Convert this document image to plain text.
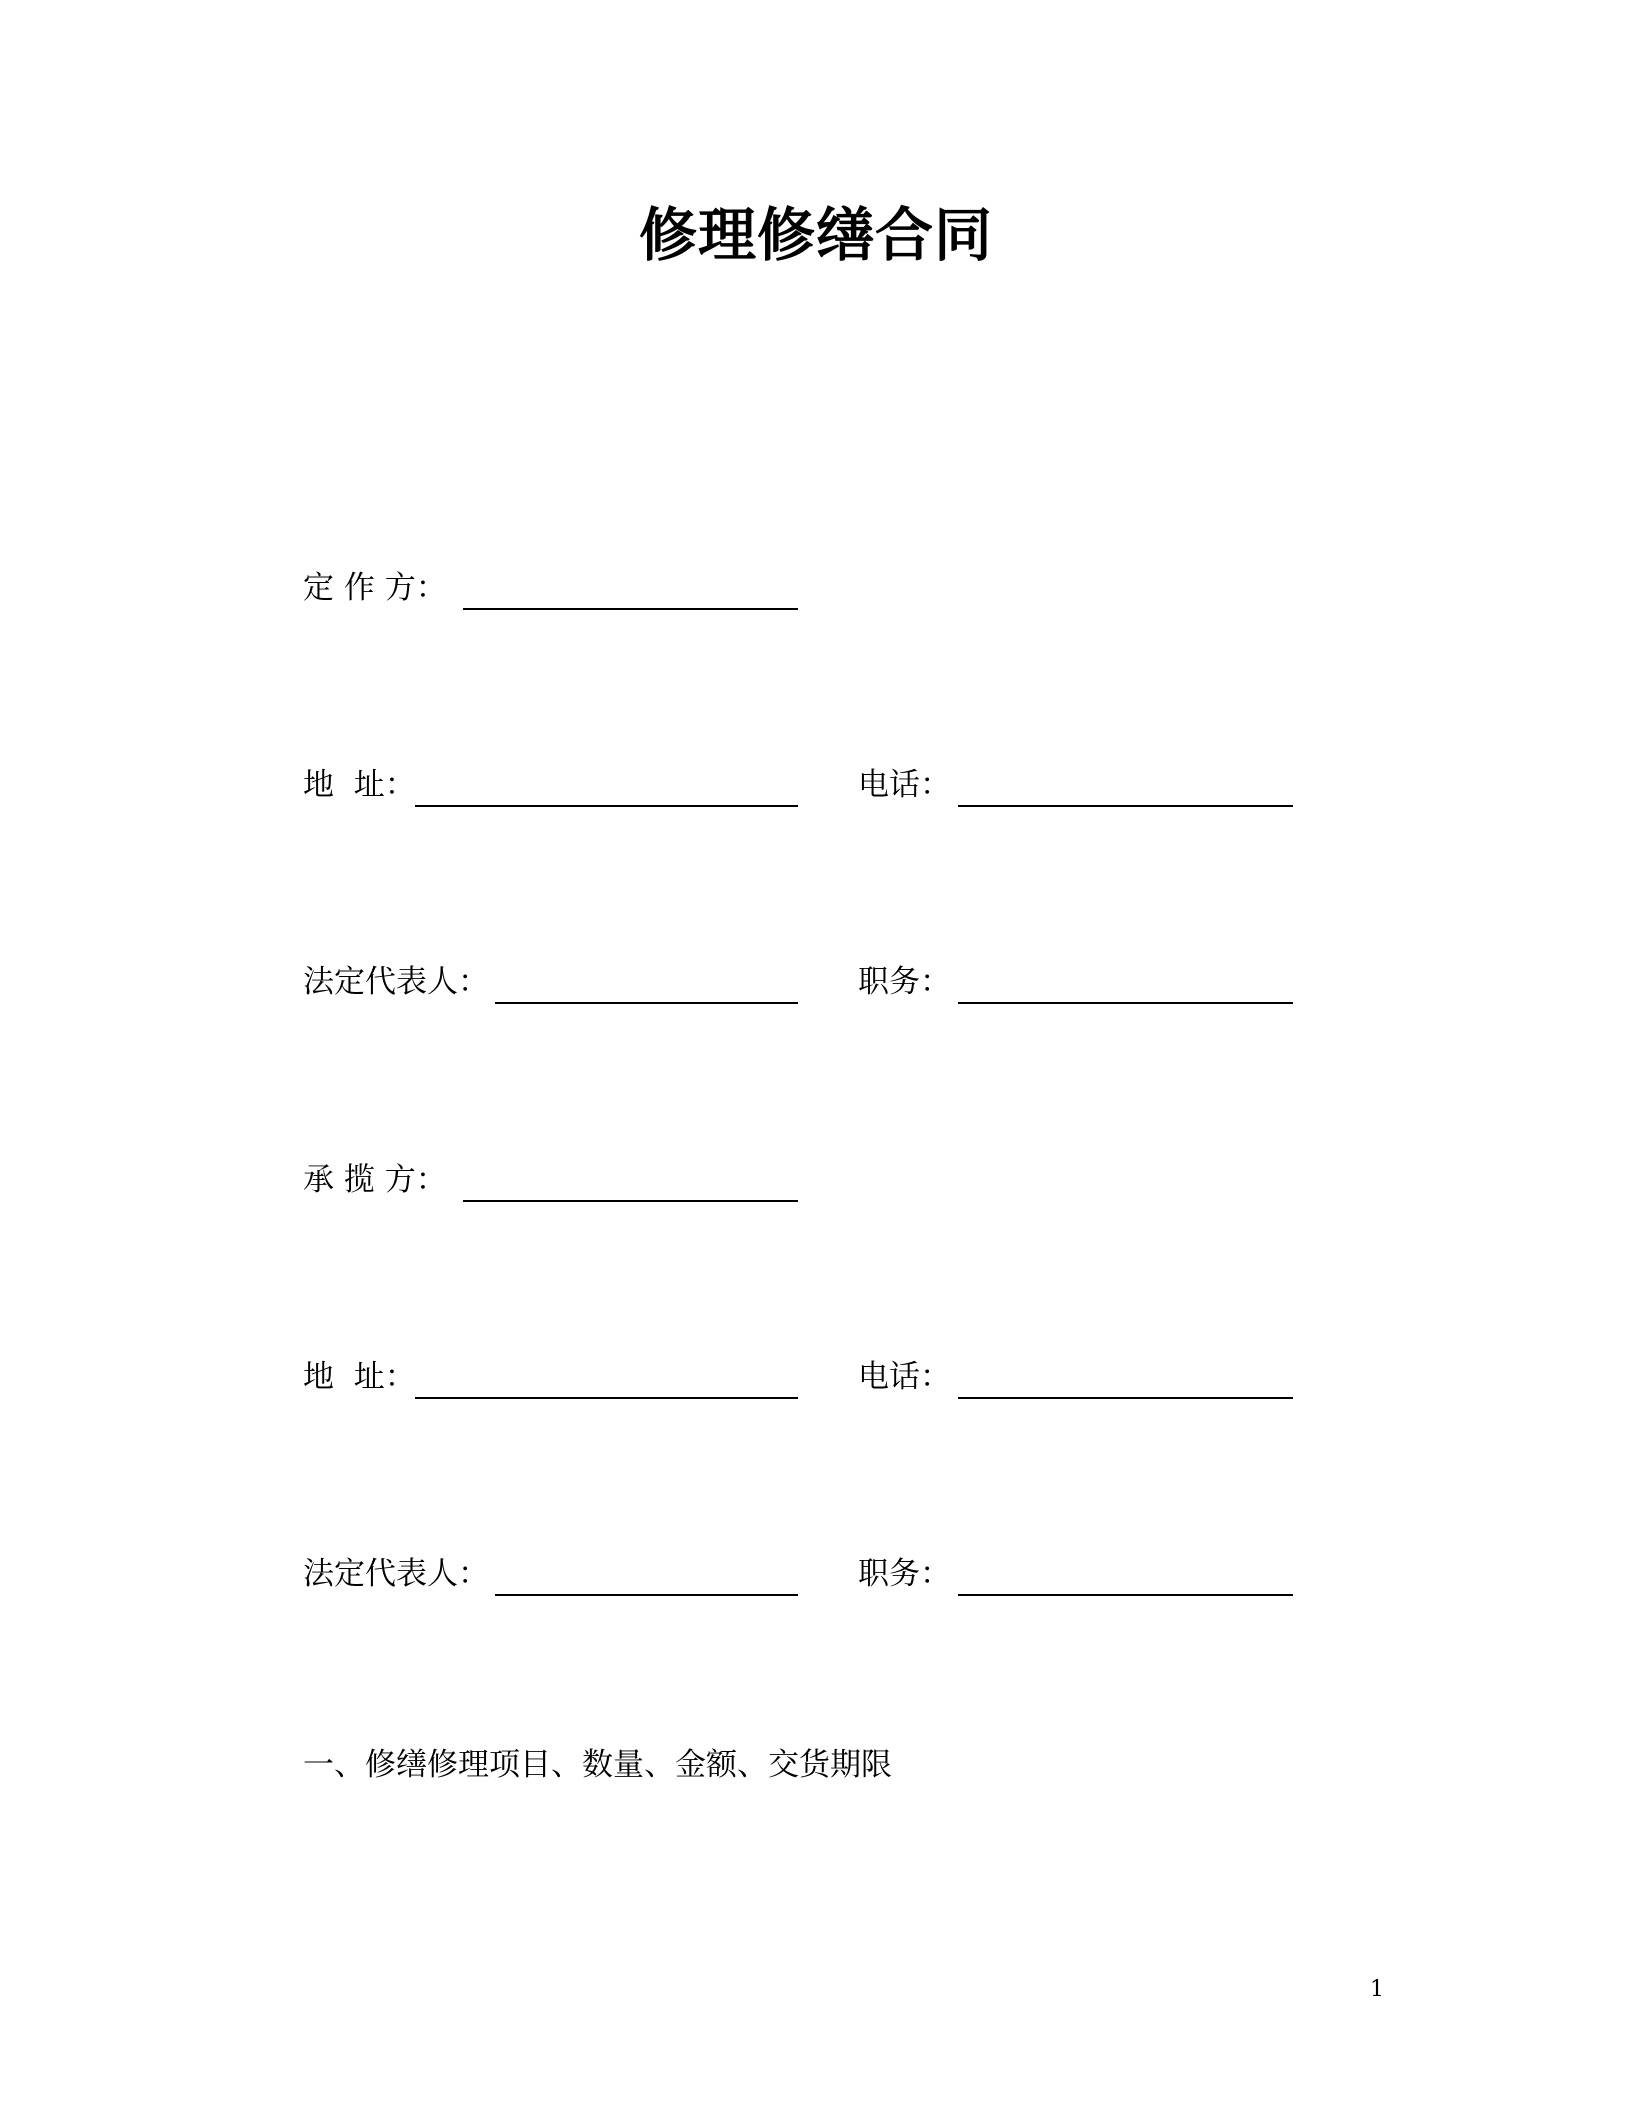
修理修缮合同
定 作 方：
地  址：	电话：
法定代表人：	职务：
承 揽 方：
地  址：	电话：
法定代表人：	职务：
一、修缮修理项目、数量、金额、交货期限
1
